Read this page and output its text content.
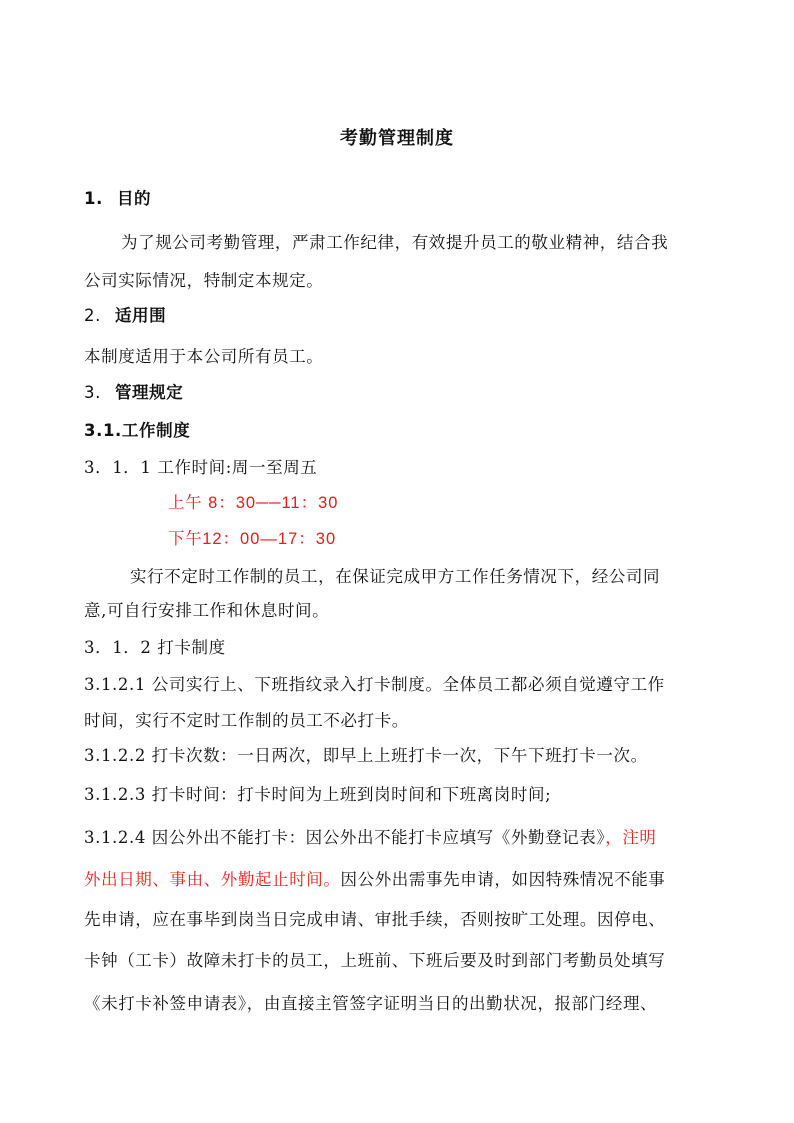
考勤管理制度
1. 目的
为了规公司考勤管理，严肃工作纪律，有效提升员工的敬业精神，结合我
公司实际情况，特制定本规定。
2. 适用围
本制度适用于本公司所有员工。
3. 管理规定
3.1.工作制度
3．1．1 工作时间:周一至周五
上午 8：30──11：30
下午12：00—17：30
实行不定时工作制的员工，在保证完成甲方工作任务情况下，经公司同
意,可自行安排工作和休息时间。
3．1．2 打卡制度
3.1.2.1 公司实行上、下班指纹录入打卡制度。全体员工都必须自觉遵守工作
时间，实行不定时工作制的员工不必打卡。
3.1.2.2 打卡次数：一日两次，即早上上班打卡一次，下午下班打卡一次。
3.1.2.3 打卡时间：打卡时间为上班到岗时间和下班离岗时间;
3.1.2.4 因公外出不能打卡：因公外出不能打卡应填写《外勤登记表》，注明
外出日期、事由、外勤起止时间。因公外出需事先申请，如因特殊情况不能事
先申请，应在事毕到岗当日完成申请、审批手续，否则按旷工处理。因停电、
卡钟（工卡）故障未打卡的员工，上班前、下班后要及时到部门考勤员处填写
《未打卡补签申请表》，由直接主管签字证明当日的出勤状况，报部门经理、
